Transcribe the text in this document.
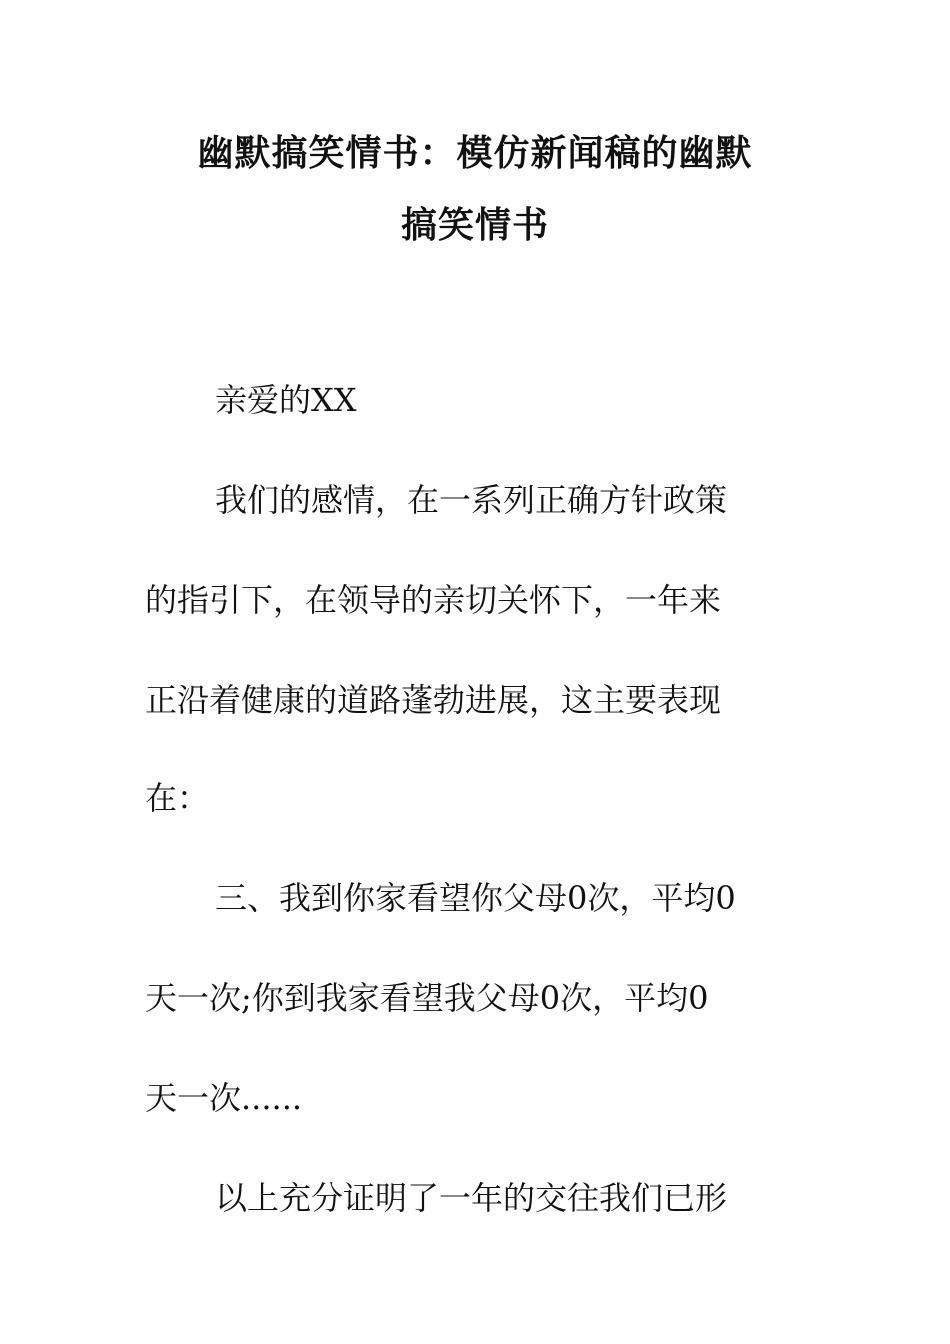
幽默搞笑情书：模仿新闻稿的幽默
搞笑情书

亲爱的XX

我们的感情，在一系列正确方针政策

的指引下，在领导的亲切关怀下，一年来

正沿着健康的道路蓬勃进展，这主要表现

在：

三、我到你家看望你父母0次，平均0

天一次;你到我家看望我父母0次，平均0

天一次......

以上充分证明了一年的交往我们已形
